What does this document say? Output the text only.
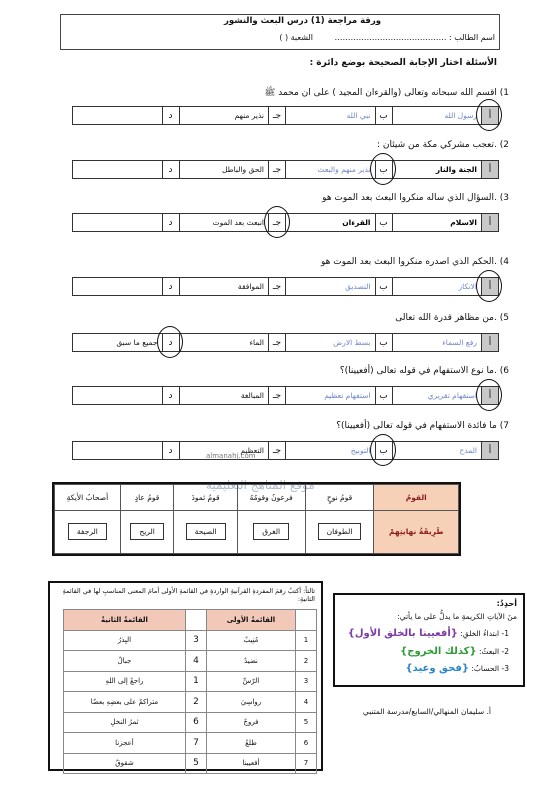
ورقة مراجعة (1) درس البعث والنشور
اسم الطالب : ……………………………………
الشعبة ( )
الأسئلة اختار الإجابة الصحيحة بوضع دائرة :
1) اقسم الله سبحانه وتعالى (والقرءان المجيد ) على ان محمد ﷺ
أ
رسول الله
ب
نبي الله
جـ
نذير منهم
د
2) .تعجب مشركي مكة من شيئان :
أ
الجنة والنار
ب
نذير منهم والبعث
جـ
الحق والباطل
د
3) .السؤال الذي ساله منكروا البعث بعد الموت هو
أ
الاسلام
ب
القرءان
جـ
انبعث بعد الموت
د
4) .الحكم الذي اصدره منكروا البعث بعد الموت هو
أ
الانكار
ب
التصديق
جـ
الموافقة
د
5) .من مظاهر قدرة الله تعالى
أ
رفع السماء
ب
بسط الارض
جـ
الماء
د
جميع ما سبق
6) .ما نوع الاستفهام في قوله تعالى (أفعيينا)؟
أ
استفهام تقريري
ب
استفهام تعظيم
جـ
المبالغة
د
7) ما فائدة الاستفهام في قوله تعالى (أفعيينا)؟
أ
المدح
ب
التوبيخ
جـ
التعظيم
د
almanahj.com
موقع المناهج التعليمية
القومُ	قومُ نوحٍ	فرعونُ وقومُهُ	قومُ ثمودَ	قومُ عادٍ	أصحابُ الأيكةِ
طَرِيقَةُ نهايتِهِمْ	الطوفان	الغرق	الصيحة	الريح	الرجفة
ثالثاً: أكتبُ رقمَ المفردةِ القرآنيةِ الواردةِ في القائمةِ الأولى أمامَ المعنى المناسبِ لها في القائمةِ الثانيةِ:
	القائمةُ الأولى		القائمةُ الثانيةُ
1	مُنِيبٌ	3	البِذرُ
2	نضيدٌ	4	جبالٌ
3	الرّسِّ	1	راجعٌ إلى اللهِ
4	رواسِيَ	2	متراكمٌ على بعضِهِ بعضًا
5	فروجٌ	6	ثمرُ النخلِ
6	طلعٌ	7	أعجزنا
7	أفعيينا	5	شقوقٌ
أحدِدُ:
منَ الآياتِ الكريمةِ ما يدلُّ على ما يأتي:
1- ابتداءُ الخلقِ: {أفعيينا بالخلق الأول}
2- البعثُ: {كذلك الخروج}
3- الحسابُ: {فحق وعيد}
أ. سليمان المنهالي/السابع/مدرسة المتنبي
